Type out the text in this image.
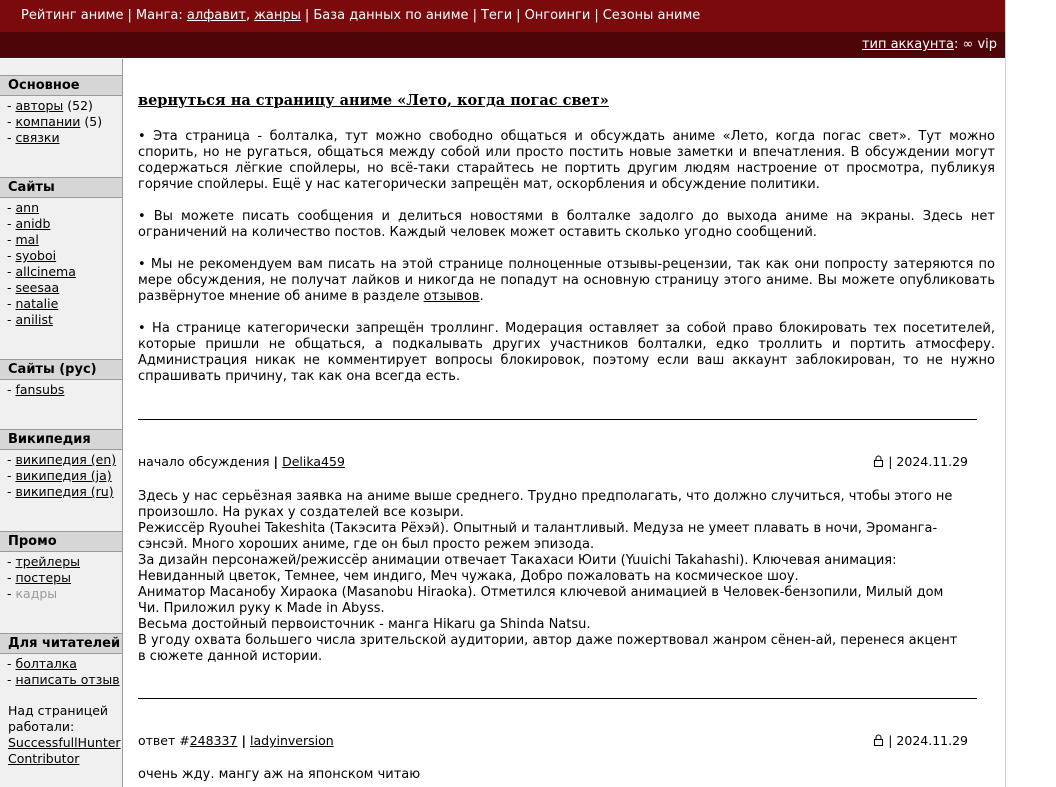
Рейтинг аниме | Манга: алфавит, жанры | База данных по аниме | Теги | Онгоинги | Сезоны аниме
тип аккаунта: ∞ vip
Основное
- авторы (52)
- компании (5)
- связки
Сайты
- ann
- anidb
- mal
- syoboi
- allcinema
- seesaa
- natalie
- anilist
Сайты (рус)
- fansubs
Википедия
- википедия (en)
- википедия (ja)
- википедия (ru)
Промо
- трейлеры
- постеры
- кадры
Для читателей
- болталка
- написать отзыв
Над страницей работали:
SuccessfullHunter
Contributor
вернуться на страницу аниме «Лето, когда погас свет»

• Эта страница - болталка, тут можно свободно общаться и обсуждать аниме «Лето, когда погас свет». Тут можно спорить, но не ругаться, общаться между собой или просто постить новые заметки и впечатления. В обсуждении могут содержаться лёгкие спойлеры, но всё-таки старайтесь не портить другим людям настроение от просмотра, публикуя горячие спойлеры. Ещё у нас категорически запрещён мат, оскорбления и обсуждение политики.

• Вы можете писать сообщения и делиться новостями в болталке задолго до выхода аниме на экраны. Здесь нет ограничений на количество постов. Каждый человек может оставить сколько угодно сообщений.

• Мы не рекомендуем вам писать на этой странице полноценные отзывы-рецензии, так как они попросту затеряются по мере обсуждения, не получат лайков и никогда не попадут на основную страницу этого аниме. Вы можете опубликовать развёрнутое мнение об аниме в разделе отзывов.

• На странице категорически запрещён троллинг. Модерация оставляет за собой право блокировать тех посетителей, которые пришли не общаться, а подкалывать других участников болталки, едко троллить и портить атмосферу. Администрация никак не комментирует вопросы блокировок, поэтому если ваш аккаунт заблокирован, то не нужно спрашивать причину, так как она всегда есть.

начало обсуждения | Delika459	| 2024.11.29

Здесь у нас серьёзная заявка на аниме выше среднего. Трудно предполагать, что должно случиться, чтобы этого не произошло. На руках у создателей все козыри.

Режиссёр Ryouhei Takeshita (Такэсита Рёхэй). Опытный и талантливый. Медуза не умеет плавать в ночи, Эроманга-сэнсэй. Много хороших аниме, где он был просто режем эпизода.

За дизайн персонажей/режиссёр анимации отвечает Такахаси Юити (Yuuichi Takahashi). Ключевая анимация: Невиданный цветок, Темнее, чем индиго, Меч чужака, Добро пожаловать на космическое шоу.

Аниматор Масанобу Хираока (Masanobu Hiraoka). Отметился ключевой анимацией в Человек-бензопили, Милый дом Чи. Приложил руку к Made in Abyss.

Весьма достойный первоисточник - манга Hikaru ga Shinda Natsu.

В угоду охвата большего числа зрительской аудитории, автор даже пожертвовал жанром сёнен-ай, перенеся акцент в сюжете данной истории.

ответ #248337 | ladyinversion	| 2024.11.29

очень жду. мангу аж на японском читаю
